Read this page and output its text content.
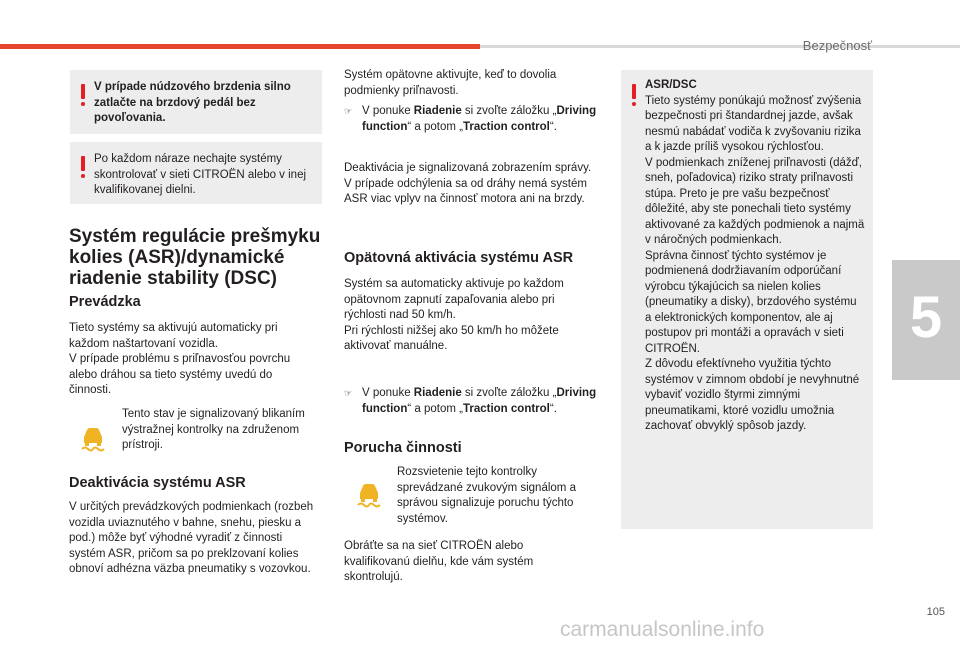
Bezpečnosť
5
V prípade núdzového brzdenia silno zatlačte na brzdový pedál bez povoľovania.
Po každom náraze nechajte systémy skontrolovať v sieti CITROËN alebo v inej kvalifikovanej dielni.
Systém regulácie prešmyku kolies (ASR)/dynamické riadenie stability (DSC)
Prevádzka
Tieto systémy sa aktivujú automaticky pri každom naštartovaní vozidla.
V prípade problému s priľnavosťou povrchu alebo dráhou sa tieto systémy uvedú do činnosti.
Tento stav je signalizovaný blikaním výstražnej kontrolky na združenom prístroji.
Deaktivácia systému ASR
V určitých prevádzkových podmienkach (rozbeh vozidla uviaznutého v bahne, snehu, piesku a pod.) môže byť výhodné vyradiť z činnosti systém ASR, pričom sa po preklzovaní kolies obnoví adhézna väzba pneumatiky s vozovkou.
Systém opätovne aktivujte, keď to dovolia podmienky priľnavosti.
☞ V ponuke Riadenie si zvoľte záložku „Driving function“ a potom „Traction control“.
Deaktivácia je signalizovaná zobrazením správy.
V prípade odchýlenia sa od dráhy nemá systém ASR viac vplyv na činnosť motora ani na brzdy.
Opätovná aktivácia systému ASR
Systém sa automaticky aktivuje po každom opätovnom zapnutí zapaľovania alebo pri rýchlosti nad 50 km/h.
Pri rýchlosti nižšej ako 50 km/h ho môžete aktivovať manuálne.
☞ V ponuke Riadenie si zvoľte záložku „Driving function“ a potom „Traction control“.
Porucha činnosti
Rozsvietenie tejto kontrolky sprevádzané zvukovým signálom a správou signalizuje poruchu týchto systémov.
Obráťte sa na sieť CITROËN alebo kvalifikovanú dielňu, kde vám systém skontrolujú.
ASR/DSC
Tieto systémy ponúkajú možnosť zvýšenia bezpečnosti pri štandardnej jazde, avšak nesmú nabádať vodiča k zvyšovaniu rizika a k jazde príliš vysokou rýchlosťou.
V podmienkach zníženej priľnavosti (dážď, sneh, poľadovica) riziko straty priľnavosti stúpa. Preto je pre vašu bezpečnosť dôležité, aby ste ponechali tieto systémy aktivované za každých podmienok a najmä v náročných podmienkach.
Správna činnosť týchto systémov je podmienená dodržiavaním odporúčaní výrobcu týkajúcich sa nielen kolies (pneumatiky a disky), brzdového systému a elektronických komponentov, ale aj postupov pri montáži a opravách v sieti CITROËN.
Z dôvodu efektívneho využitia týchto systémov v zimnom období je nevyhnutné vybaviť vozidlo štyrmi zimnými pneumatikami, ktoré vozidlu umožnia zachovať obvyklý spôsob jazdy.
105
carmanualsonline.info
